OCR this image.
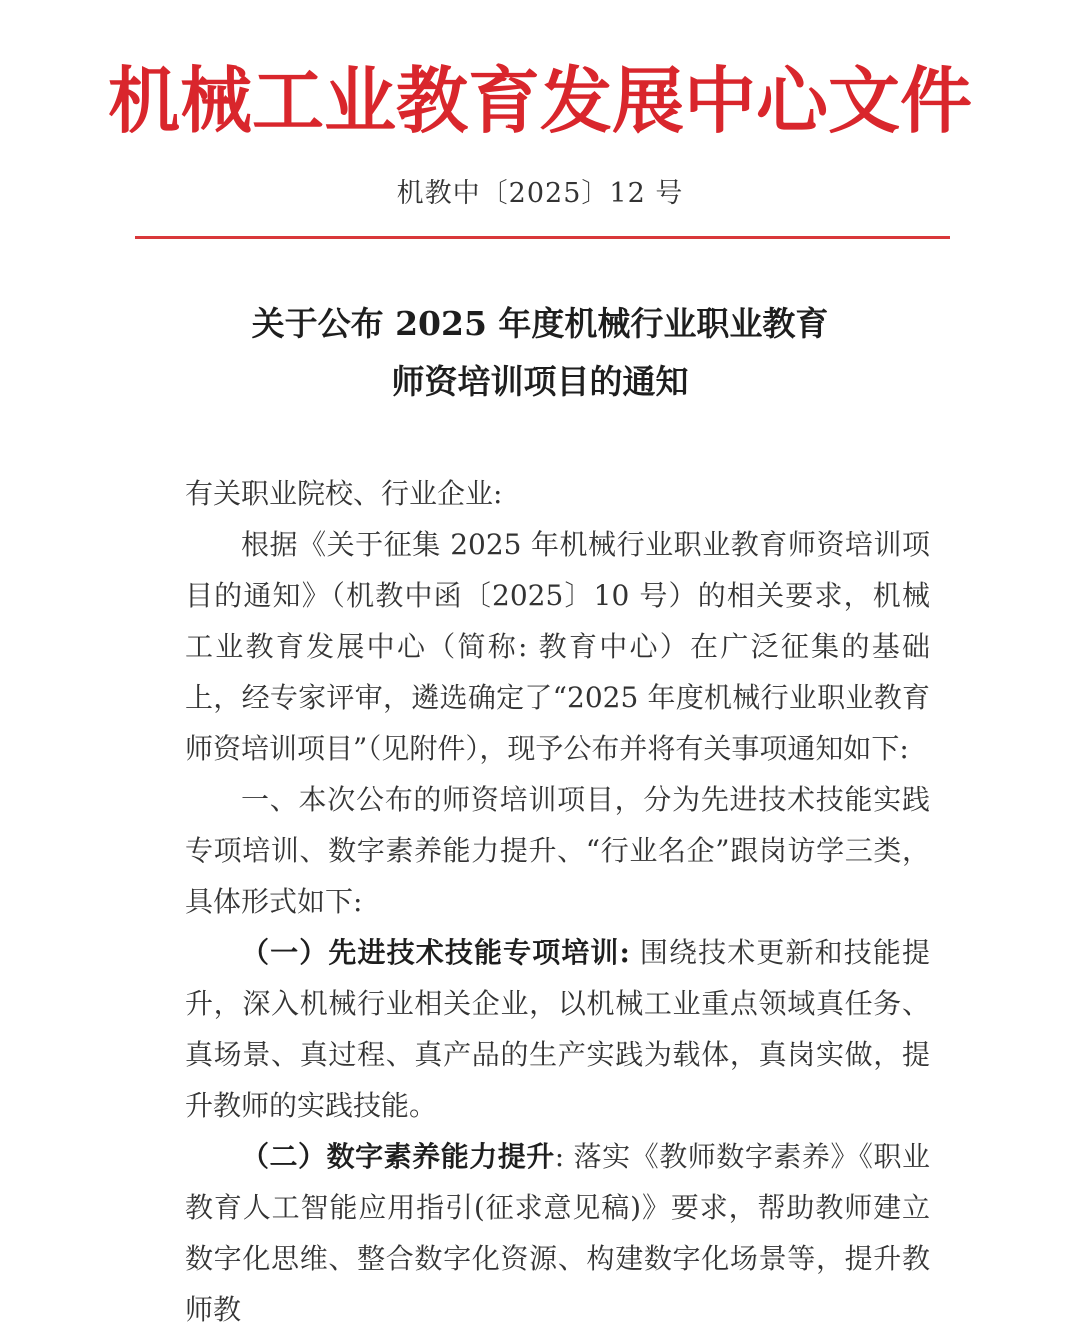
机械工业教育发展中心文件
机教中〔2025〕12 号
关于公布 2025 年度机械行业职业教育
师资培训项目的通知

有关职业院校、行业企业:

根据《关于征集 2025 年机械行业职业教育师资培训项目的通知》（机教中函〔2025〕10 号）的相关要求，机械工业教育发展中心（简称: 教育中心）在广泛征集的基础上，经专家评审，遴选确定了“2025 年度机械行业职业教育师资培训项目”（见附件），现予公布并将有关事项通知如下:

一、本次公布的师资培训项目，分为先进技术技能实践专项培训、数字素养能力提升、“行业名企”跟岗访学三类，具体形式如下:

（一）先进技术技能专项培训: 围绕技术更新和技能提升，深入机械行业相关企业，以机械工业重点领域真任务、真场景、真过程、真产品的生产实践为载体，真岗实做，提升教师的实践技能。

（二）数字素养能力提升: 落实《教师数字素养》《职业教育人工智能应用指引(征求意见稿)》要求，帮助教师建立数字化思维、整合数字化资源、构建数字化场景等，提升教师教
